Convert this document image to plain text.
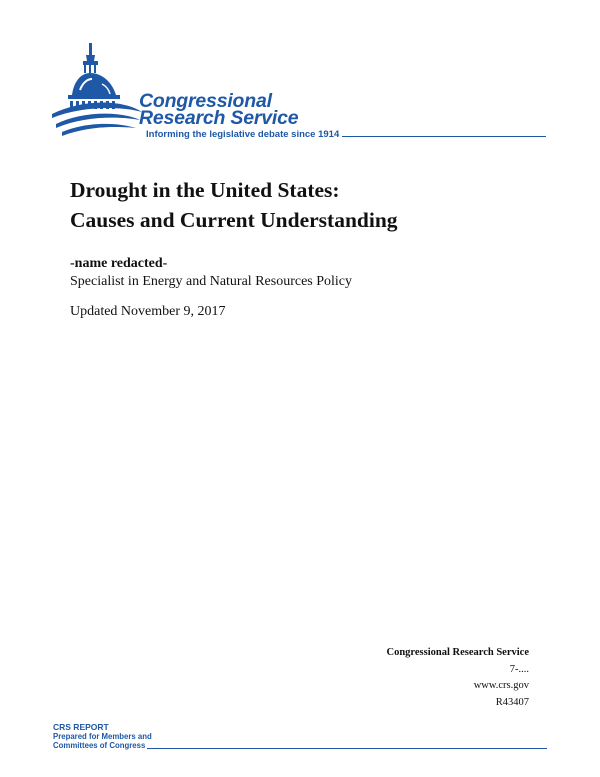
Congressional
Research Service
Informing the legislative debate since 1914
Drought in the United States:
Causes and Current Understanding
-name redacted-
Specialist in Energy and Natural Resources Policy
Updated November 9, 2017
Congressional Research Service
7-....
www.crs.gov
R43407
CRS REPORT
Prepared for Members and
Committees of Congress
